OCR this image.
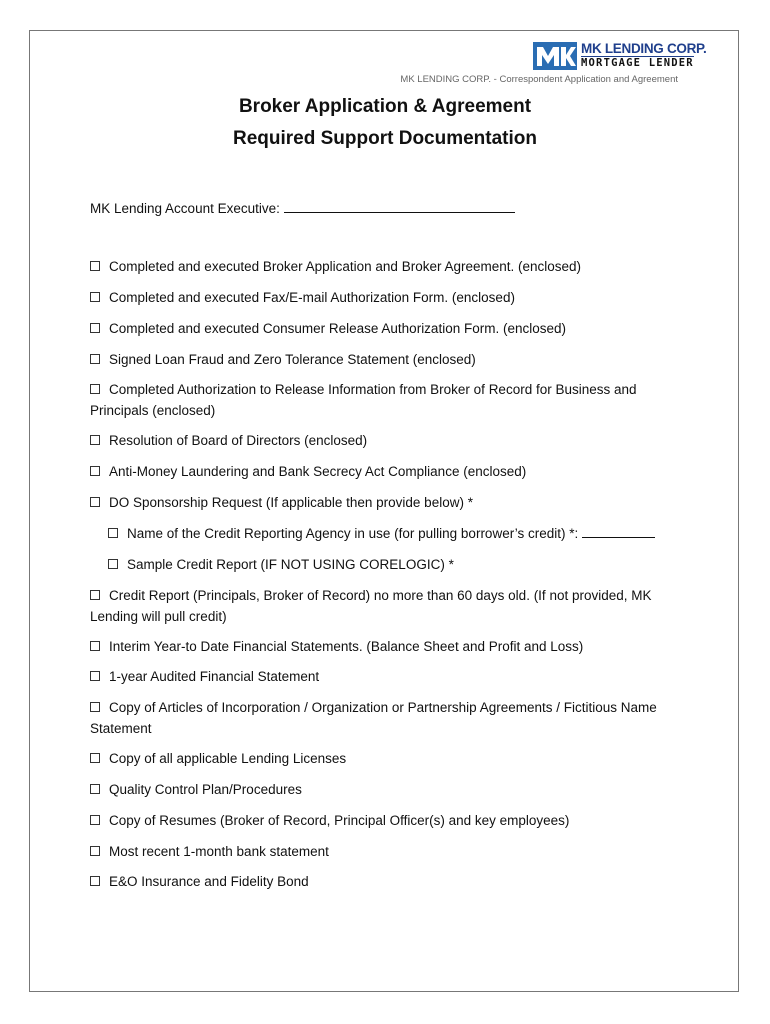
MK LENDING CORP.
MORTGAGE LENDER
MK LENDING CORP. - Correspondent Application and Agreement
Broker Application & Agreement
Required Support Documentation
MK Lending Account Executive:
Completed and executed Broker Application and Broker Agreement. (enclosed)
Completed and executed Fax/E-mail Authorization Form. (enclosed)
Completed and executed Consumer Release Authorization Form. (enclosed)
Signed Loan Fraud and Zero Tolerance Statement (enclosed)
Completed Authorization to Release Information from Broker of Record for Business and Principals (enclosed)
Resolution of Board of Directors (enclosed)
Anti-Money Laundering and Bank Secrecy Act Compliance (enclosed)
DO Sponsorship Request (If applicable then provide below) *
Name of the Credit Reporting Agency in use (for pulling borrower’s credit) *:
Sample Credit Report (IF NOT USING CORELOGIC) *
Credit Report (Principals, Broker of Record) no more than 60 days old. (If not provided, MK Lending will pull credit)
Interim Year-to Date Financial Statements. (Balance Sheet and Profit and Loss)
1-year Audited Financial Statement
Copy of Articles of Incorporation / Organization or Partnership Agreements / Fictitious Name Statement
Copy of all applicable Lending Licenses
Quality Control Plan/Procedures
Copy of Resumes (Broker of Record, Principal Officer(s) and key employees)
Most recent 1-month bank statement
E&O Insurance and Fidelity Bond
